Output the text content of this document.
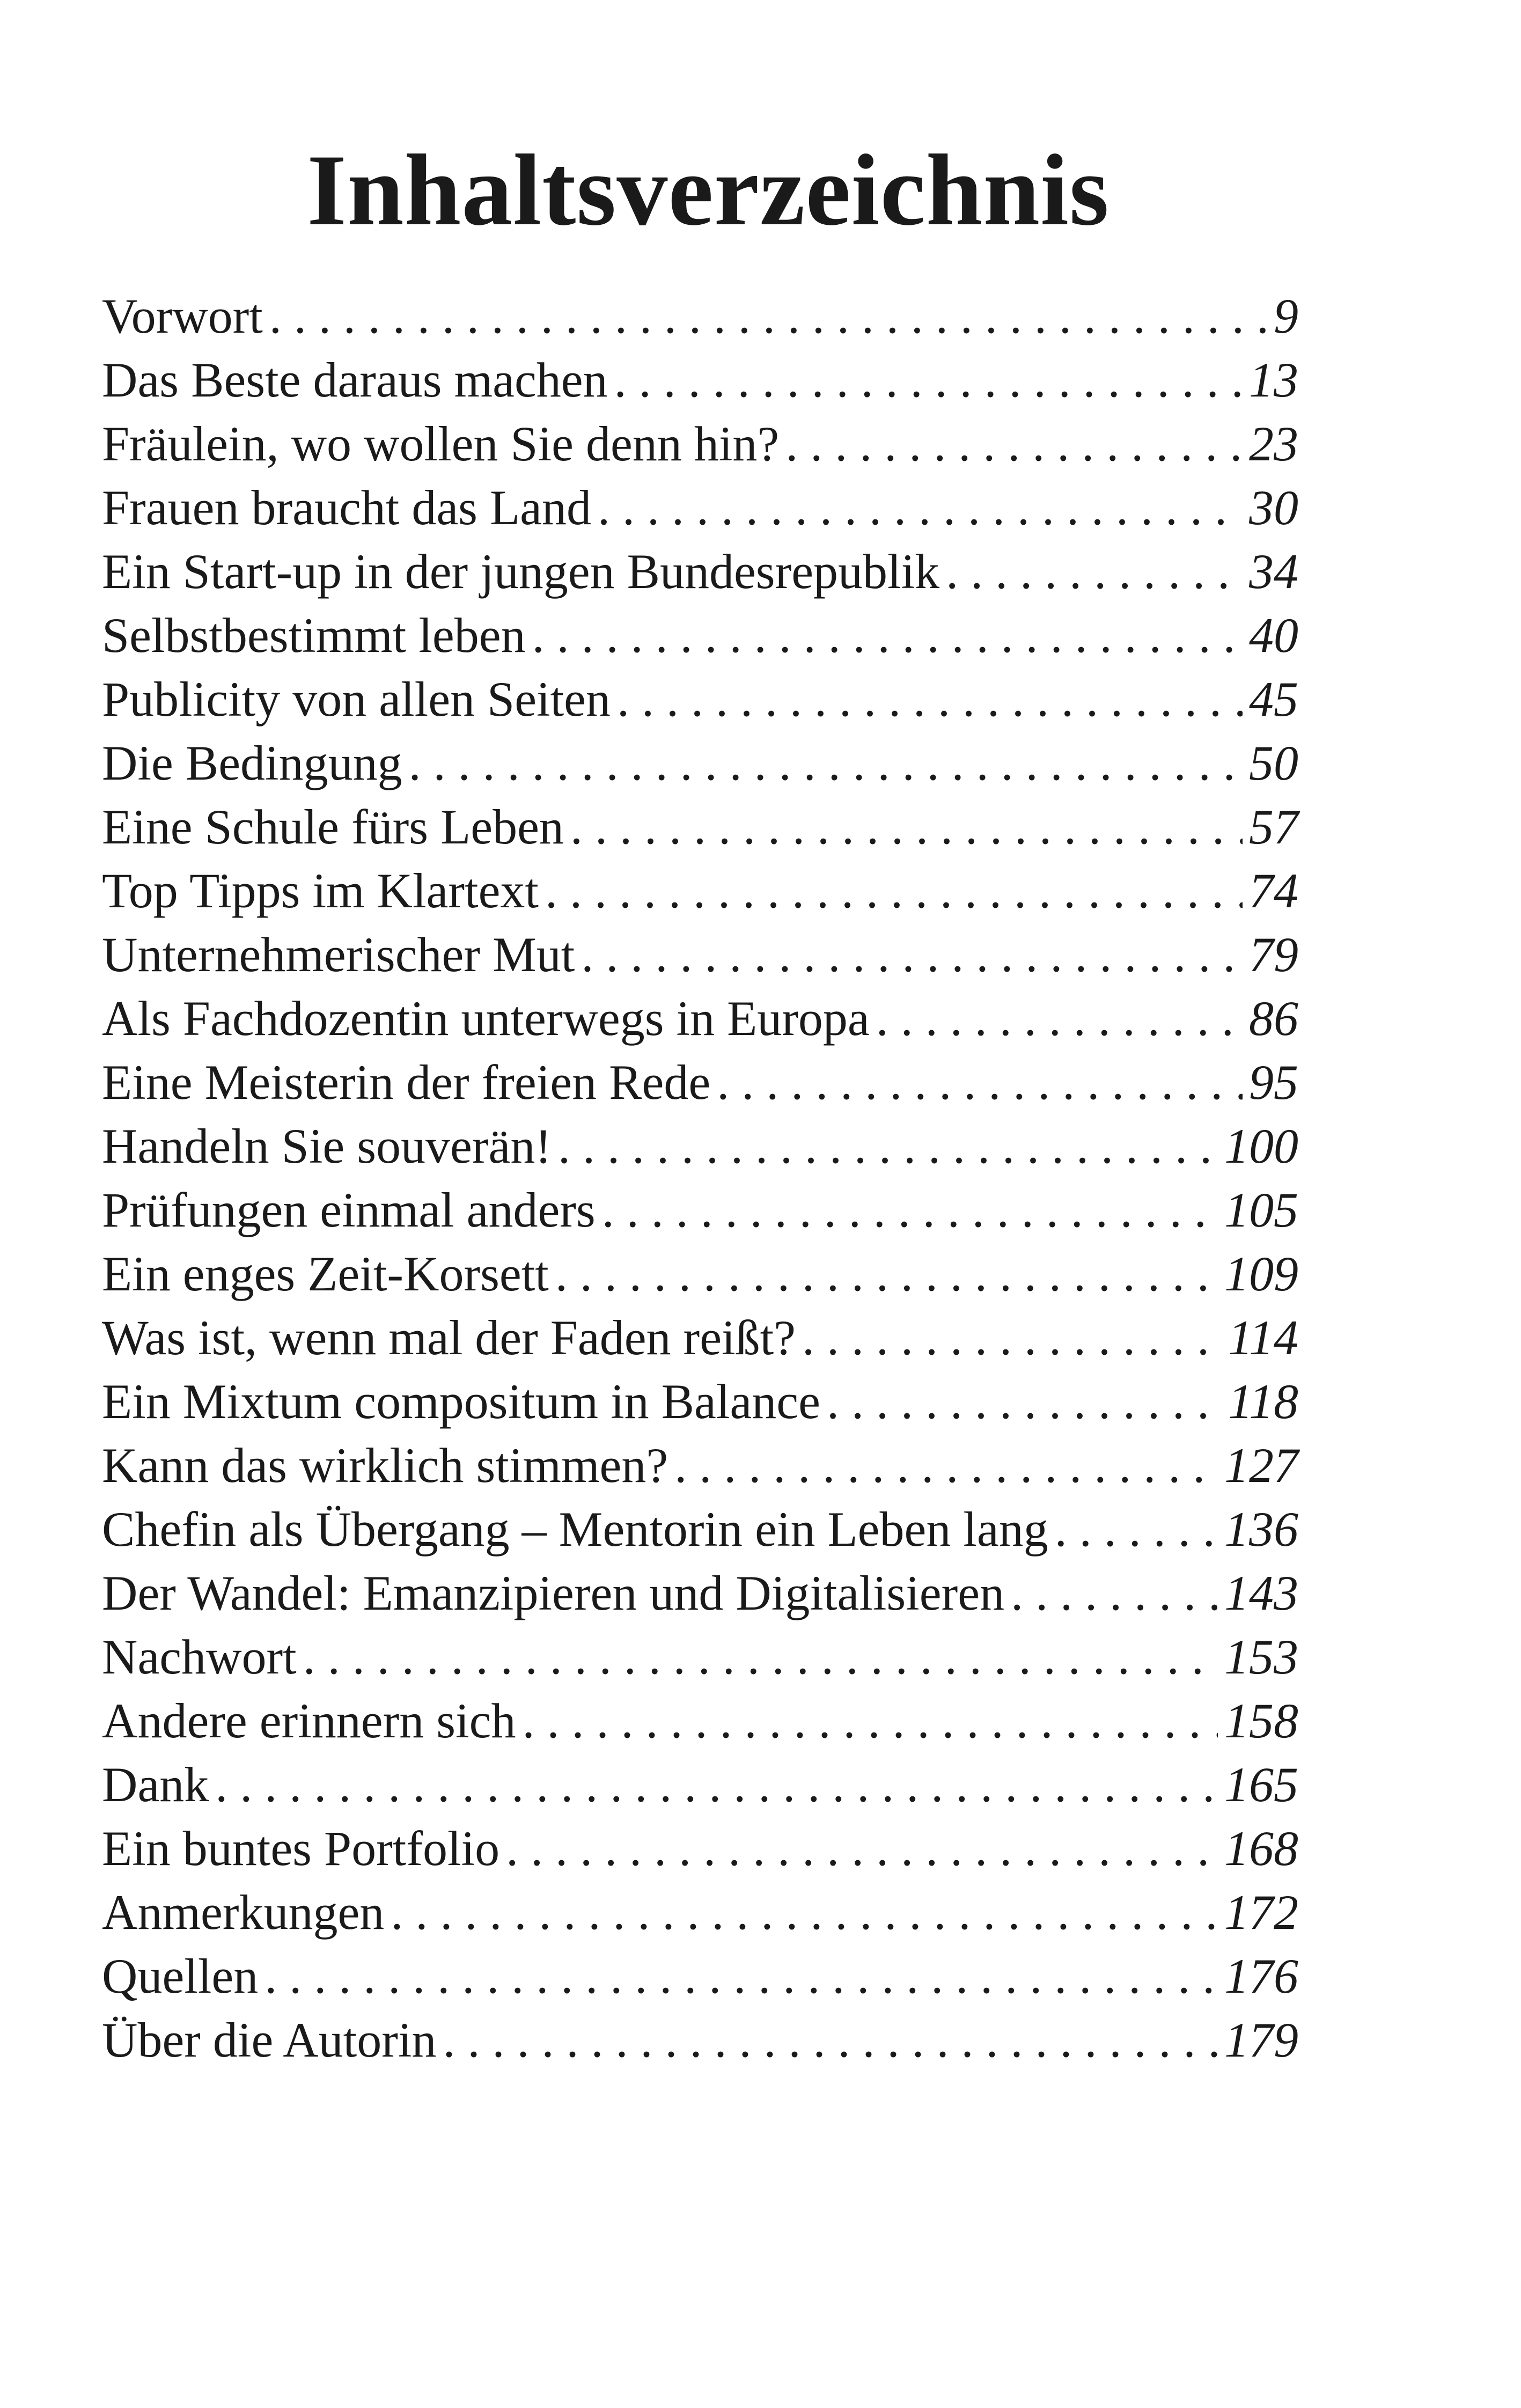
Inhaltsverzeichnis
Vorwort . . .	9
Das Beste daraus machen . . .	13
Fräulein, wo wollen Sie denn hin? . . .	23
Frauen braucht das Land . . .	30
Ein Start-up in der jungen Bundesrepublik . . .	34
Selbstbestimmt leben . . .	40
Publicity von allen Seiten . . .	45
Die Bedingung . . .	50
Eine Schule fürs Leben . . .	57
Top Tipps im Klartext . . .	74
Unternehmerischer Mut . . .	79
Als Fachdozentin unterwegs in Europa . . .	86
Eine Meisterin der freien Rede . . .	95
Handeln Sie souverän! . . .	100
Prüfungen einmal anders . . .	105
Ein enges Zeit-Korsett . . .	109
Was ist, wenn mal der Faden reißt? . . .	114
Ein Mixtum compositum in Balance . . .	118
Kann das wirklich stimmen? . . .	127
Chefin als Übergang – Mentorin ein Leben lang . . .	136
Der Wandel: Emanzipieren und Digitalisieren . . .	143
Nachwort . . .	153
Andere erinnern sich . . .	158
Dank . . .	165
Ein buntes Portfolio . . .	168
Anmerkungen . . .	172
Quellen . . .	176
Über die Autorin . . .	179
